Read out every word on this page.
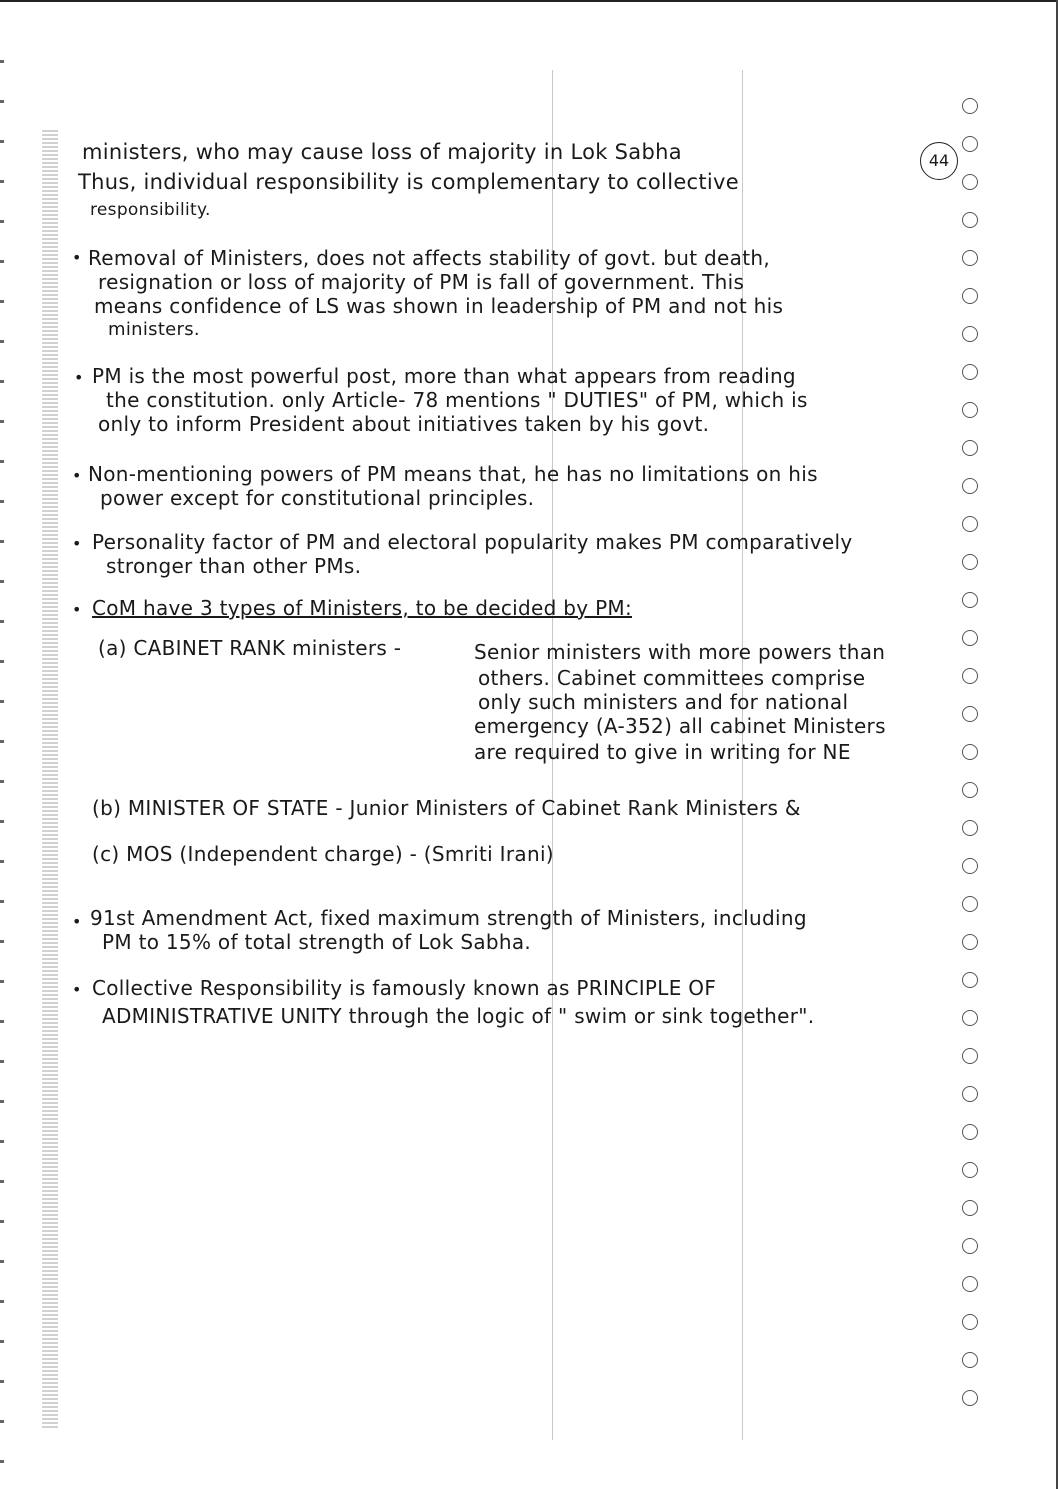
44
ministers, who may cause loss of majority in Lok Sabha
Thus, individual responsibility is complementary to collective
responsibility.
• Removal of Ministers, does not affects stability of govt. but death,
resignation or loss of majority of PM is fall of government. This
means confidence of LS was shown in leadership of PM and not his
ministers.
• PM is the most powerful post, more than what appears from reading
the constitution. only Article- 78 mentions " DUTIES" of PM, which is
only to inform President about initiatives taken by his govt.
• Non-mentioning powers of PM means that, he has no limitations on his
power except for constitutional principles.
• Personality factor of PM and electoral popularity makes PM comparatively
stronger than other PMs.
• CoM have 3 types of Ministers, to be decided by PM:
(a) CABINET RANK ministers -	Senior ministers with more powers than
others. Cabinet committees comprise
only such ministers and for national
emergency (A-352) all cabinet Ministers
are required to give in writing for NE
(b) MINISTER OF STATE - Junior Ministers of Cabinet Rank Ministers &
(c) MOS (Independent charge) - (Smriti Irani)
• 91st Amendment Act, fixed maximum strength of Ministers, including
PM to 15% of total strength of Lok Sabha.
• Collective Responsibility is famously known as PRINCIPLE OF
ADMINISTRATIVE UNITY through the logic of " swim or sink together".
